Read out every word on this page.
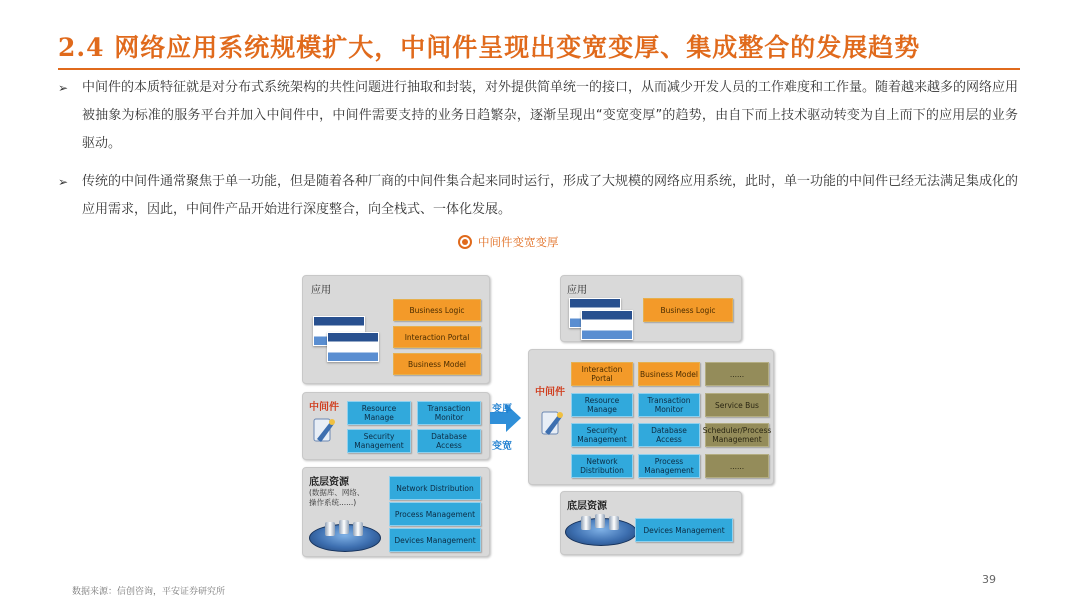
2.4 网络应用系统规模扩大，中间件呈现出变宽变厚、集成整合的发展趋势
➢ 中间件的本质特征就是对分布式系统架构的共性问题进行抽取和封装，对外提供简单统一的接口，从而减少开发人员的工作难度和工作量。随着越来越多的网络应用被抽象为标准的服务平台并加入中间件中，中间件需要支持的业务日趋繁杂，逐渐呈现出“变宽变厚”的趋势，由自下而上技术驱动转变为自上而下的应用层的业务驱动。
➢ 传统的中间件通常聚焦于单一功能，但是随着各种厂商的中间件集合起来同时运行，形成了大规模的网络应用系统，此时，单一功能的中间件已经无法满足集成化的应用需求，因此，中间件产品开始进行深度整合，向全栈式、一体化发展。
中间件变宽变厚
应用
Business Logic
Interaction Portal
Business Model
中间件	Resource Manage
Transaction Monitor
Security Management
Database Access
底层资源
(数据库、网络、操作系统......)
Network Distribution
Process Management
Devices Management
变厚
变宽
应用
Business Logic
中间件
Interaction Portal	Business Model	......
Resource Manage
Transaction Monitor	Service Bus
Security Management
Database Access
Scheduler/Process Management
Network Distribution
Process Management	......
底层资源
Devices Management
数据来源：信创咨询，平安证券研究所
39
